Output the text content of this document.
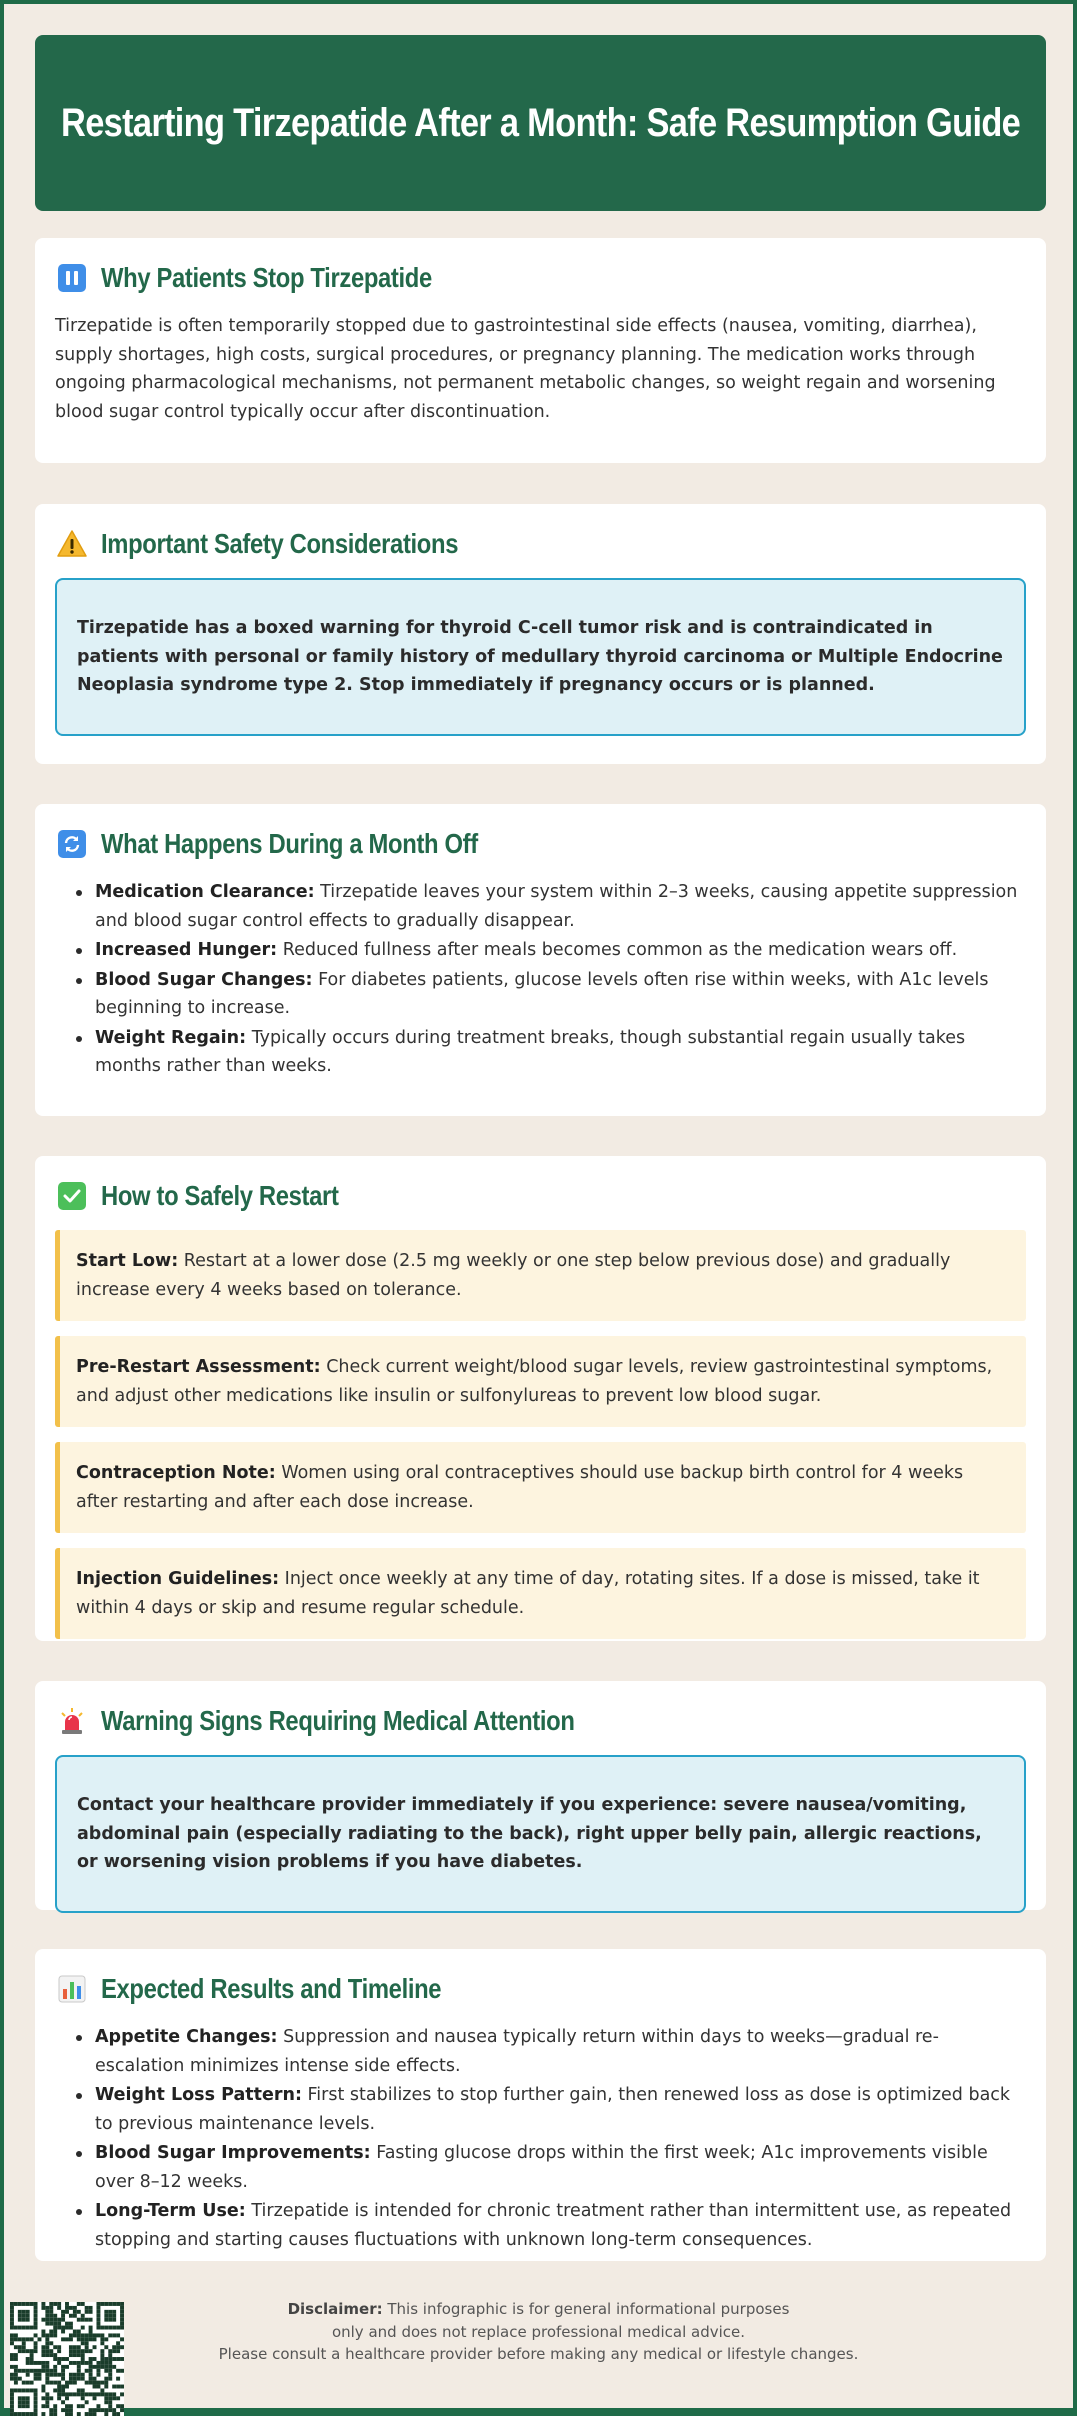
Restarting Tirzepatide After a Month: Safe Resumption Guide
Why Patients Stop Tirzepatide

Tirzepatide is often temporarily stopped due to gastrointestinal side effects (nausea, vomiting, diarrhea), supply shortages, high costs, surgical procedures, or pregnancy planning. The medication works through ongoing pharmacological mechanisms, not permanent metabolic changes, so weight regain and worsening blood sugar control typically occur after discontinuation.

Important Safety Considerations
Tirzepatide has a boxed warning for thyroid C-cell tumor risk and is contraindicated in patients with personal or family history of medullary thyroid carcinoma or Multiple Endocrine Neoplasia syndrome type 2. Stop immediately if pregnancy occurs or is planned.
What Happens During a Month Off
Medication Clearance: Tirzepatide leaves your system within 2–3 weeks, causing appetite suppression and blood sugar control effects to gradually disappear.
Increased Hunger: Reduced fullness after meals becomes common as the medication wears off.
Blood Sugar Changes: For diabetes patients, glucose levels often rise within weeks, with A1c levels beginning to increase.
Weight Regain: Typically occurs during treatment breaks, though substantial regain usually takes months rather than weeks.
How to Safely Restart
Start Low: Restart at a lower dose (2.5 mg weekly or one step below previous dose) and gradually increase every 4 weeks based on tolerance.
Pre-Restart Assessment: Check current weight/blood sugar levels, review gastrointestinal symptoms, and adjust other medications like insulin or sulfonylureas to prevent low blood sugar.
Contraception Note: Women using oral contraceptives should use backup birth control for 4 weeks after restarting and after each dose increase.
Injection Guidelines: Inject once weekly at any time of day, rotating sites. If a dose is missed, take it within 4 days or skip and resume regular schedule.
Warning Signs Requiring Medical Attention
Contact your healthcare provider immediately if you experience: severe nausea/vomiting, abdominal pain (especially radiating to the back), right upper belly pain, allergic reactions, or worsening vision problems if you have diabetes.
Expected Results and Timeline
Appetite Changes: Suppression and nausea typically return within days to weeks—gradual re-escalation minimizes intense side effects.
Weight Loss Pattern: First stabilizes to stop further gain, then renewed loss as dose is optimized back to previous maintenance levels.
Blood Sugar Improvements: Fasting glucose drops within the first week; A1c improvements visible over 8–12 weeks.
Long-Term Use: Tirzepatide is intended for chronic treatment rather than intermittent use, as repeated stopping and starting causes fluctuations with unknown long-term consequences.
Disclaimer: This infographic is for general informational purposes
only and does not replace professional medical advice.
Please consult a healthcare provider before making any medical or lifestyle changes.
